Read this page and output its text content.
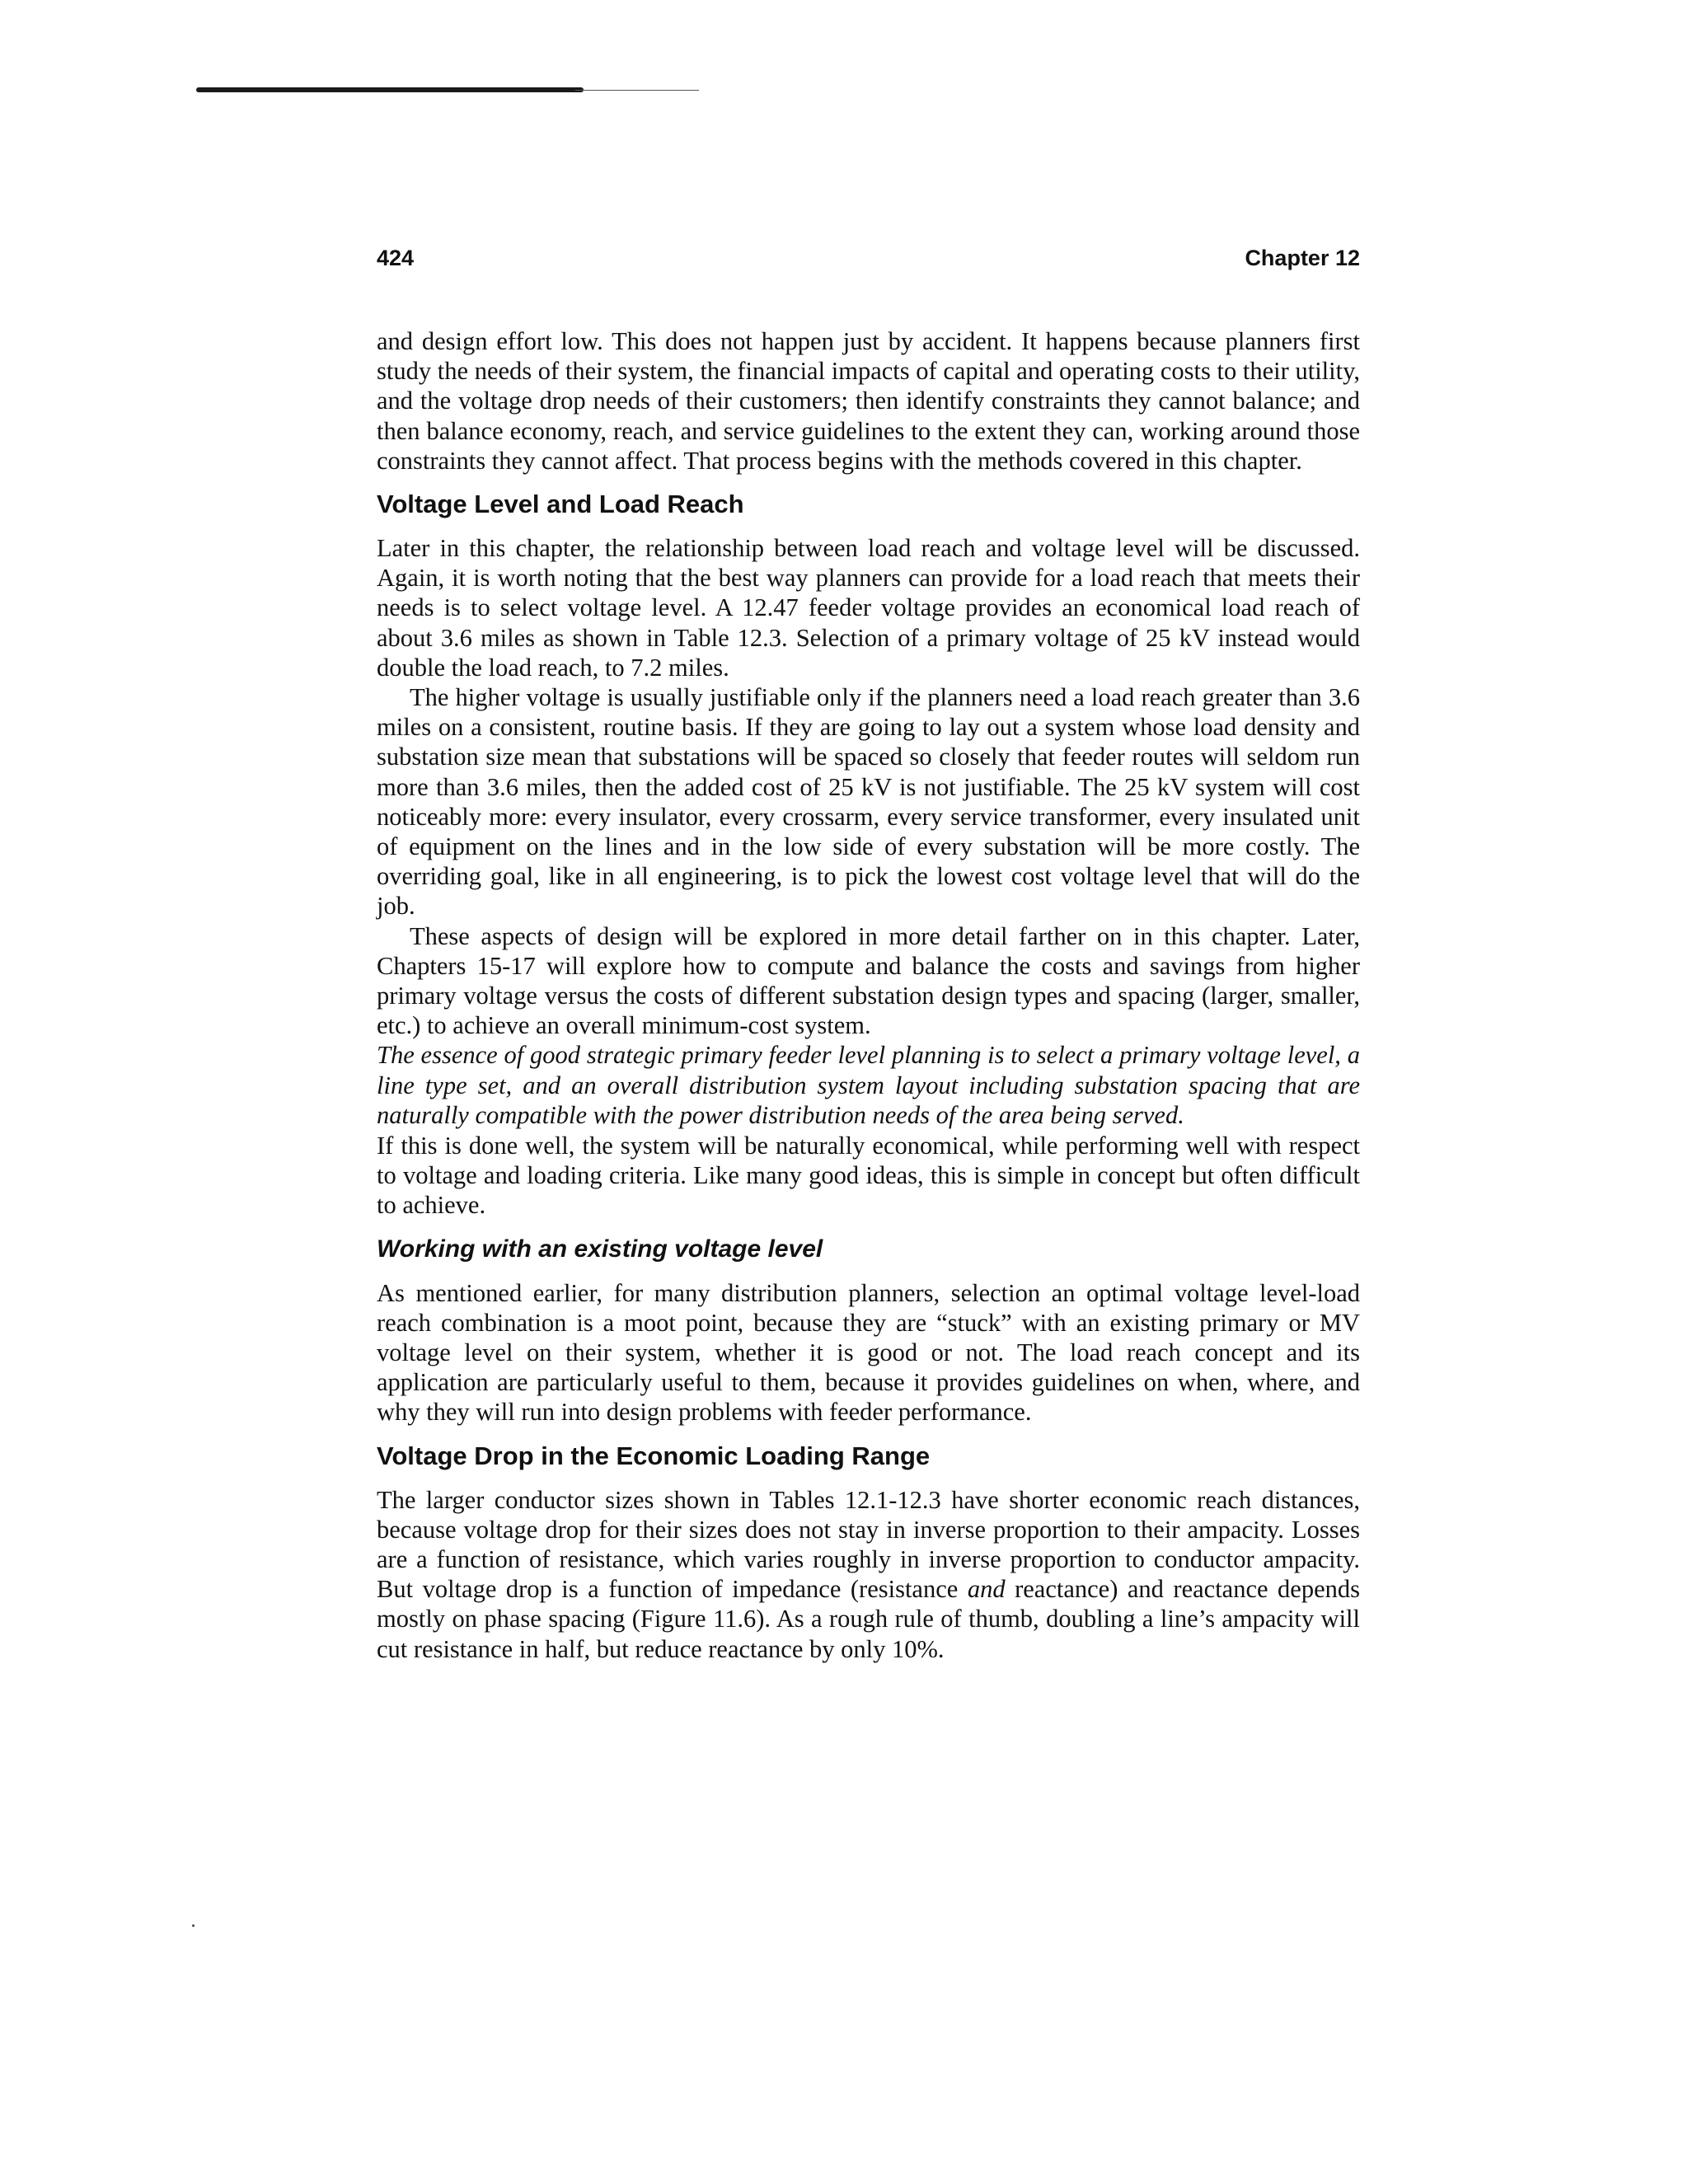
424	Chapter 12

and design effort low. This does not happen just by accident. It happens because planners first study the needs of their system, the financial impacts of capital and operating costs to their utility, and the voltage drop needs of their customers; then identify constraints they cannot balance; and then balance economy, reach, and service guidelines to the extent they can, working around those constraints they cannot affect. That process begins with the methods covered in this chapter.

Voltage Level and Load Reach

Later in this chapter, the relationship between load reach and voltage level will be discussed. Again, it is worth noting that the best way planners can provide for a load reach that meets their needs is to select voltage level. A 12.47 feeder voltage provides an economical load reach of about 3.6 miles as shown in Table 12.3. Selection of a primary voltage of 25 kV instead would double the load reach, to 7.2 miles.

The higher voltage is usually justifiable only if the planners need a load reach greater than 3.6 miles on a consistent, routine basis. If they are going to lay out a system whose load density and substation size mean that substations will be spaced so closely that feeder routes will seldom run more than 3.6 miles, then the added cost of 25 kV is not justifiable. The 25 kV system will cost noticeably more: every insulator, every crossarm, every service transformer, every insulated unit of equipment on the lines and in the low side of every substation will be more costly. The overriding goal, like in all engineering, is to pick the lowest cost voltage level that will do the job.

These aspects of design will be explored in more detail farther on in this chapter. Later, Chapters 15-17 will explore how to compute and balance the costs and savings from higher primary voltage versus the costs of different substation design types and spacing (larger, smaller, etc.) to achieve an overall minimum-cost system.

The essence of good strategic primary feeder level planning is to select a primary voltage level, a line type set, and an overall distribution system layout including substation spacing that are naturally compatible with the power distribution needs of the area being served.

If this is done well, the system will be naturally economical, while performing well with respect to voltage and loading criteria. Like many good ideas, this is simple in concept but often difficult to achieve.

Working with an existing voltage level

As mentioned earlier, for many distribution planners, selection an optimal voltage level-load reach combination is a moot point, because they are “stuck” with an existing primary or MV voltage level on their system, whether it is good or not. The load reach concept and its application are particularly useful to them, because it provides guidelines on when, where, and why they will run into design problems with feeder performance.

Voltage Drop in the Economic Loading Range

The larger conductor sizes shown in Tables 12.1-12.3 have shorter economic reach distances, because voltage drop for their sizes does not stay in inverse proportion to their ampacity. Losses are a function of resistance, which varies roughly in inverse proportion to conductor ampacity. But voltage drop is a function of impedance (resistance and reactance) and reactance depends mostly on phase spacing (Figure 11.6). As a rough rule of thumb, doubling a line’s ampacity will cut resistance in half, but reduce reactance by only 10%.
